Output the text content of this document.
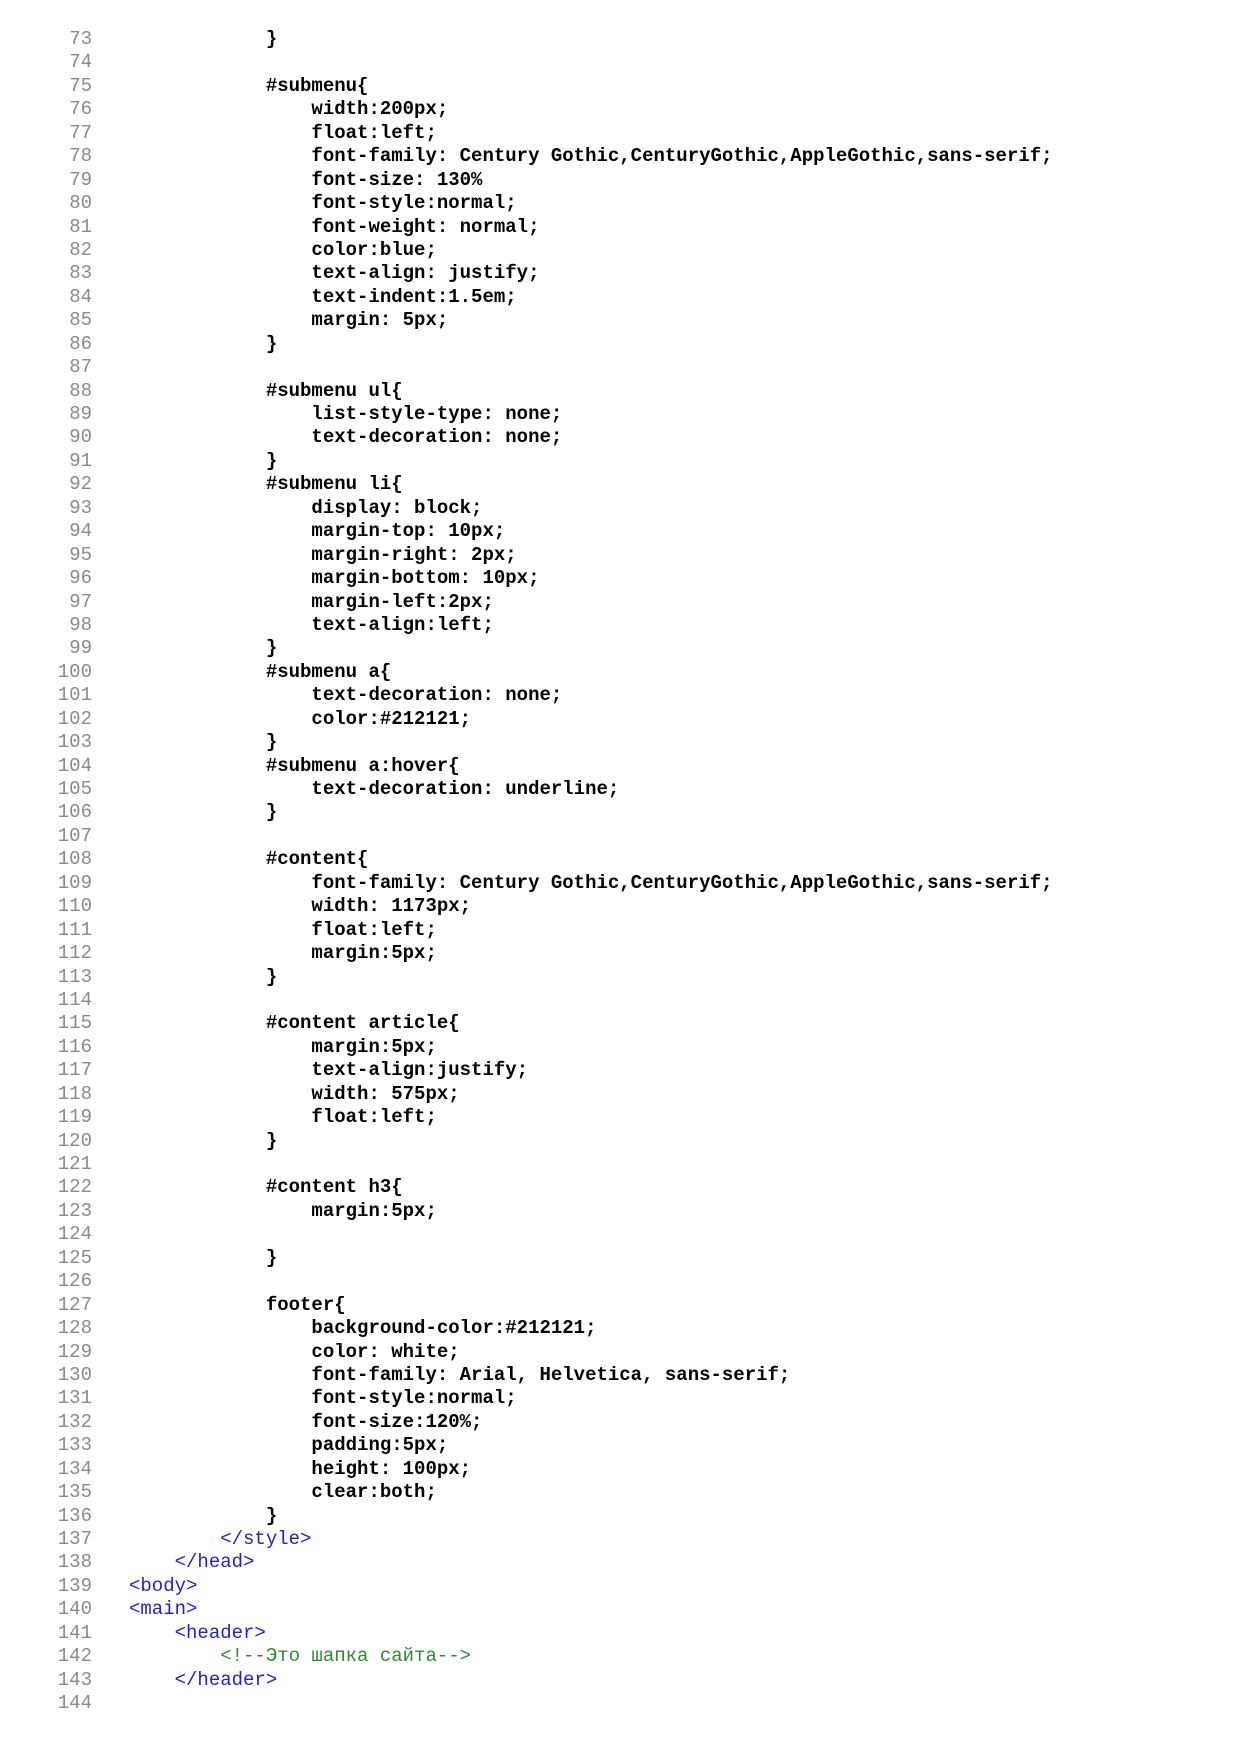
73 }
74
75 #submenu{
76 width:200px;
77 float:left;
78 font-family: Century Gothic,CenturyGothic,AppleGothic,sans-serif;
79 font-size: 130%
80 font-style:normal;
81 font-weight: normal;
82 color:blue;
83 text-align: justify;
84 text-indent:1.5em;
85 margin: 5px;
86 }
87
88 #submenu ul{
89 list-style-type: none;
90 text-decoration: none;
91 }
92 #submenu li{
93 display: block;
94 margin-top: 10px;
95 margin-right: 2px;
96 margin-bottom: 10px;
97 margin-left:2px;
98 text-align:left;
99 }
100 #submenu a{
101 text-decoration: none;
102 color:#212121;
103 }
104 #submenu a:hover{
105 text-decoration: underline;
106 }
107
108 #content{
109 font-family: Century Gothic,CenturyGothic,AppleGothic,sans-serif;
110 width: 1173px;
111 float:left;
112 margin:5px;
113 }
114
115 #content article{
116 margin:5px;
117 text-align:justify;
118 width: 575px;
119 float:left;
120 }
121
122 #content h3{
123 margin:5px;
124
125 }
126
127 footer{
128 background-color:#212121;
129 color: white;
130 font-family: Arial, Helvetica, sans-serif;
131 font-style:normal;
132 font-size:120%;
133 padding:5px;
134 height: 100px;
135 clear:both;
136 }
137 </style>
138 </head>
139 <body>
140 <main>
141 <header>
142 <!--Это шапка сайта-->
143 </header>
144
